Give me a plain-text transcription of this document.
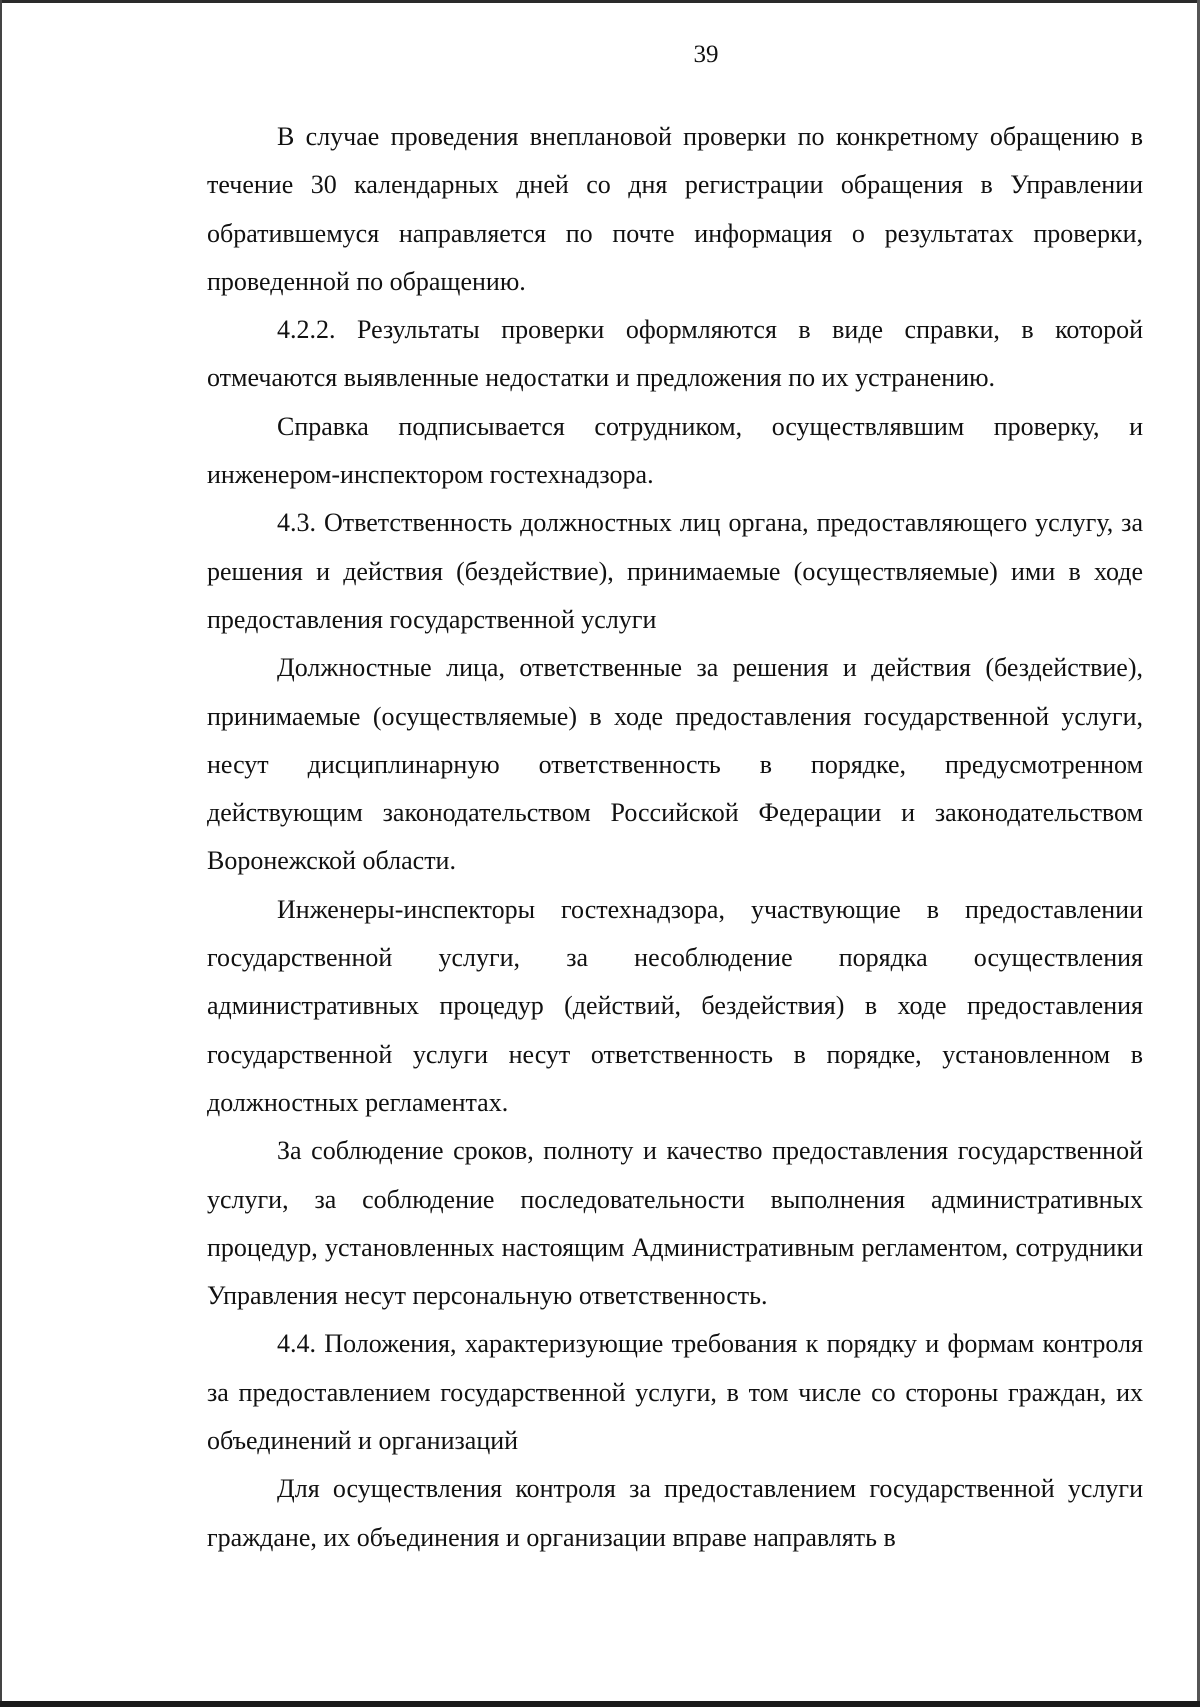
39

В случае проведения внеплановой проверки по конкретному обращению в течение 30 календарных дней со дня регистрации обращения в Управлении обратившемуся направляется по почте информация о результатах проверки, проведенной по обращению.

4.2.2. Результаты проверки оформляются в виде справки, в которой отмечаются выявленные недостатки и предложения по их устранению.

Справка подписывается сотрудником, осуществлявшим проверку, и инженером-инспектором гостехнадзора.

4.3. Ответственность должностных лиц органа, предоставляющего услугу, за решения и действия (бездействие), принимаемые (осуществляемые) ими в ходе предоставления государственной услуги

Должностные лица, ответственные за решения и действия (бездействие), принимаемые (осуществляемые) в ходе предоставления государственной услуги, несут дисциплинарную ответственность в порядке, предусмотренном действующим законодательством Российской Федерации и законодательством Воронежской области.

Инженеры-инспекторы гостехнадзора, участвующие в предоставлении государственной услуги, за несоблюдение порядка осуществления административных процедур (действий, бездействия) в ходе предоставления государственной услуги несут ответственность в порядке, установленном в должностных регламентах.

За соблюдение сроков, полноту и качество предоставления государственной услуги, за соблюдение последовательности выполнения административных процедур, установленных настоящим Административным регламентом, сотрудники Управления несут персональную ответственность.

4.4. Положения, характеризующие требования к порядку и формам контроля за предоставлением государственной услуги, в том числе со стороны граждан, их объединений и организаций

Для осуществления контроля за предоставлением государственной услуги граждане, их объединения и организации вправе направлять в
